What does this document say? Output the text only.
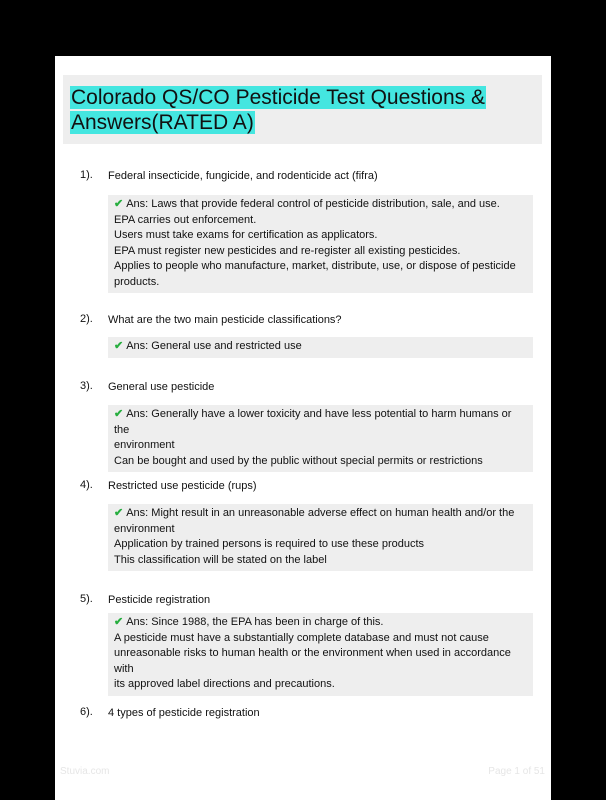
Colorado QS/CO Pesticide Test Questions & Answers(RATED A)
1). Federal insecticide, fungicide, and rodenticide act (fifra)
✔ Ans: Laws that provide federal control of pesticide distribution, sale, and use.
EPA carries out enforcement.
Users must take exams for certification as applicators.
EPA must register new pesticides and re-register all existing pesticides.
Applies to people who manufacture, market, distribute, use, or dispose of pesticide
products.
2). What are the two main pesticide classifications?
✔ Ans: General use and restricted use
3). General use pesticide
✔ Ans: Generally have a lower toxicity and have less potential to harm humans or the
environment
Can be bought and used by the public without special permits or restrictions
4). Restricted use pesticide (rups)
✔ Ans: Might result in an unreasonable adverse effect on human health and/or the
environment
Application by trained persons is required to use these products
This classification will be stated on the label
5). Pesticide registration
✔ Ans: Since 1988, the EPA has been in charge of this.
A pesticide must have a substantially complete database and must not cause
unreasonable risks to human health or the environment when used in accordance with
its approved label directions and precautions.
6). 4 types of pesticide registration
Stuvia.com	Page 1 of 51
